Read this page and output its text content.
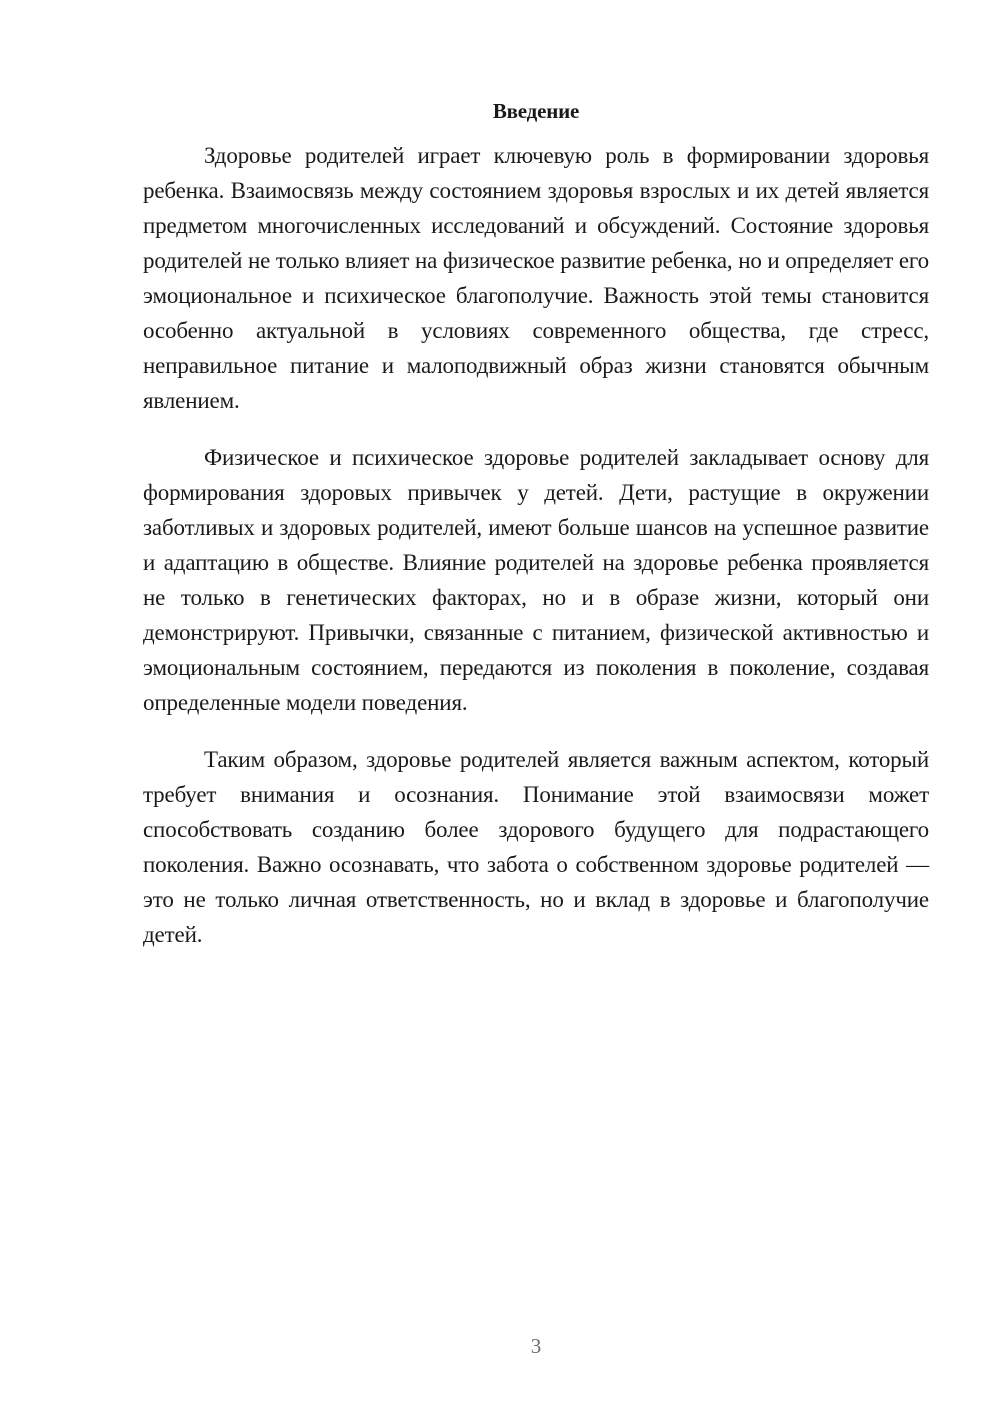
Введение

Здоровье родителей играет ключевую роль в формировании здоровья ребенка. Взаимосвязь между состоянием здоровья взрослых и их детей является предметом многочисленных исследований и обсуждений. Состояние здоровья родителей не только влияет на физическое развитие ребенка, но и определяет его эмоциональное и психическое благополучие. Важность этой темы становится особенно актуальной в условиях современного общества, где стресс, неправильное питание и малоподвижный образ жизни становятся обычным явлением.

Физическое и психическое здоровье родителей закладывает основу для формирования здоровых привычек у детей. Дети, растущие в окружении заботливых и здоровых родителей, имеют больше шансов на успешное развитие и адаптацию в обществе. Влияние родителей на здоровье ребенка проявляется не только в генетических факторах, но и в образе жизни, который они демонстрируют. Привычки, связанные с питанием, физической активностью и эмоциональным состоянием, передаются из поколения в поколение, создавая определенные модели поведения.

Таким образом, здоровье родителей является важным аспектом, который требует внимания и осознания. Понимание этой взаимосвязи может способствовать созданию более здорового будущего для подрастающего поколения. Важно осознавать, что забота о собственном здоровье родителей — это не только личная ответственность, но и вклад в здоровье и благополучие детей.

3
